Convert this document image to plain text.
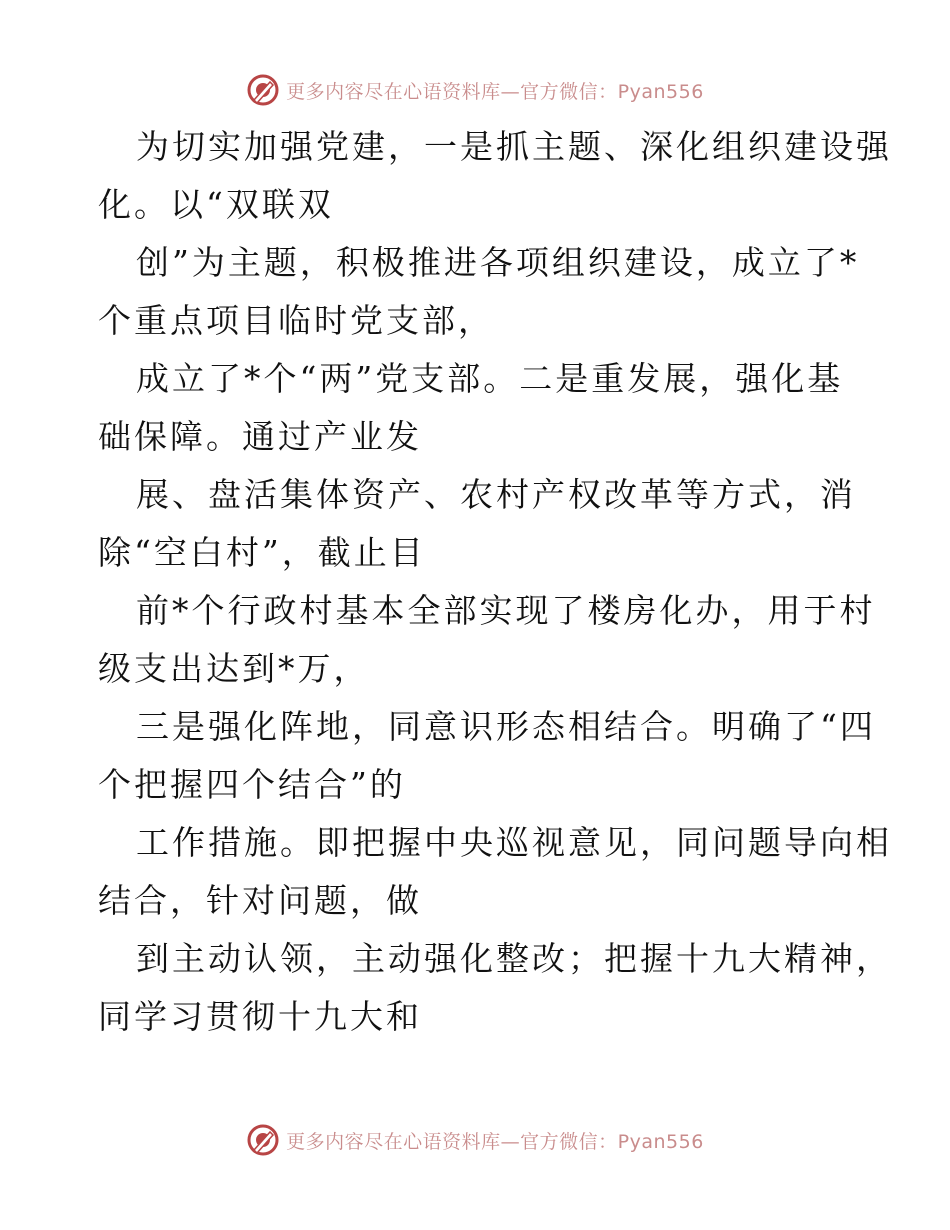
更多内容尽在心语资料库—官方微信：Pyan556
为切实加强党建，一是抓主题、深化组织建设强
化。以“双联双
创”为主题，积极推进各项组织建设，成立了*
个重点项目临时党支部，
成立了*个“两”党支部。二是重发展，强化基
础保障。通过产业发
展、盘活集体资产、农村产权改革等方式，消
除“空白村”，截止目
前*个行政村基本全部实现了楼房化办，用于村
级支出达到*万，
三是强化阵地，同意识形态相结合。明确了“四
个把握四个结合”的
工作措施。即把握中央巡视意见，同问题导向相
结合，针对问题，做
到主动认领，主动强化整改；把握十九大精神，
同学习贯彻十九大和
更多内容尽在心语资料库—官方微信：Pyan556
